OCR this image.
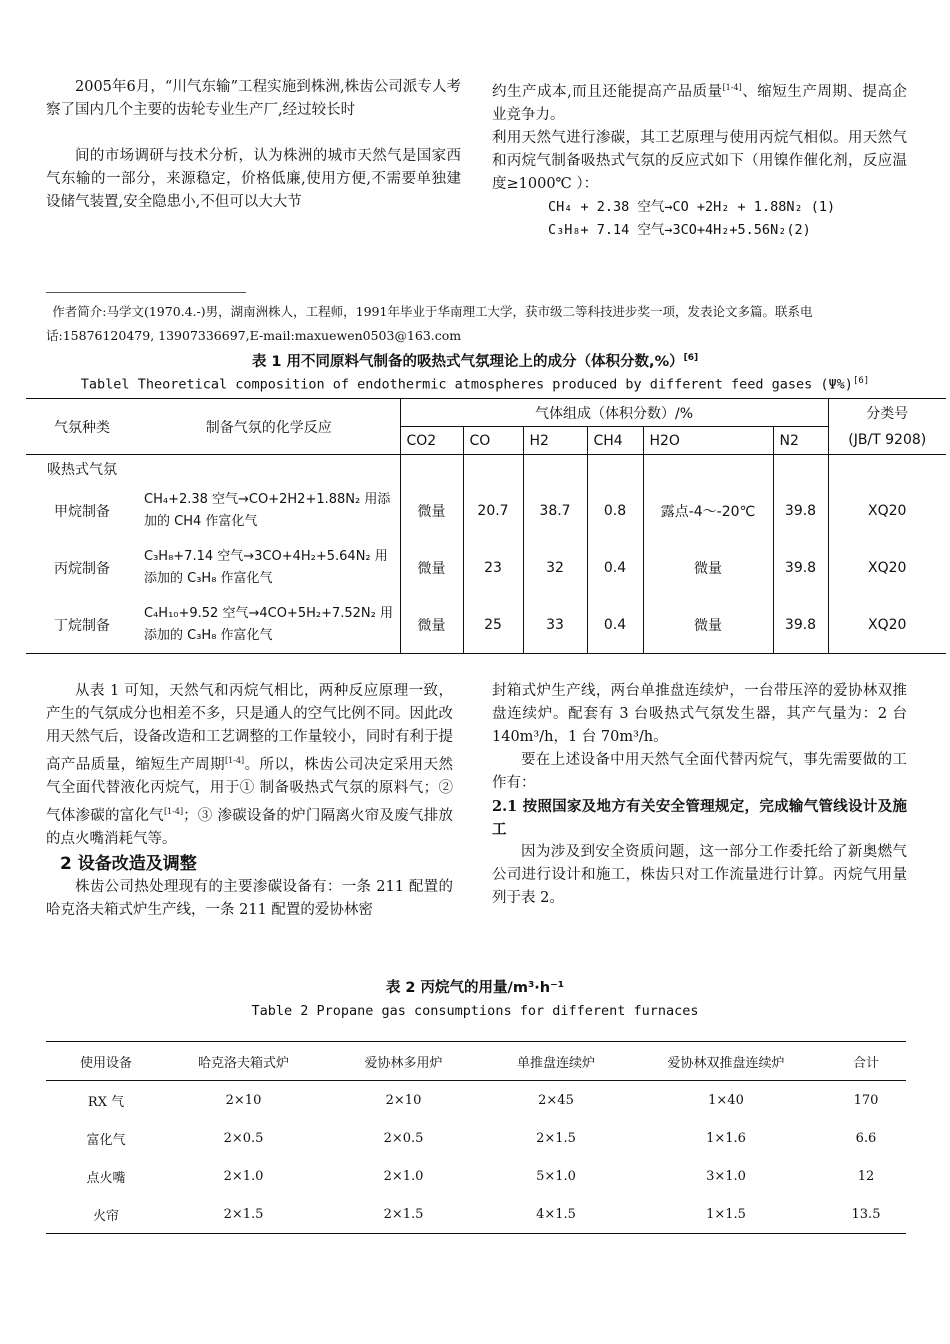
2005年6月，“川气东输”工程实施到株洲,株齿公司派专人考察了国内几个主要的齿轮专业生产厂,经过较长时

间的市场调研与技术分析，认为株洲的城市天然气是国家西气东输的一部分，来源稳定，价格低廉,使用方便,不需要单独建设储气装置,安全隐患小,不但可以大大节

约生产成本,而且还能提高产品质量[1-4]、缩短生产周期、提高企业竞争力。

利用天然气进行渗碳，其工艺原理与使用丙烷气相似。用天然气和丙烷气制备吸热式气氛的反应式如下（用镍作催化剂，反应温度≥1000℃ ）：

CH₄ + 2.38 空气→CO +2H₂ + 1.88N₂ (1)

C₃H₈+ 7.14 空气→3CO+4H₂+5.56N₂(2)

作者简介:马学文(1970.4.-)男，湖南洲株人，工程师，1991年毕业于华南理工大学，获市级二等科技进步奖一项，发表论文多篇。联系电话:15876120479, 13907336697,E-mail:maxuewen0503@163.com
表 1 用不同原料气制备的吸热式气氛理论上的成分（体积分数,%）[6]
Tablel Theoretical composition of endothermic atmospheres produced by different feed gases (Ψ%)[6]
气氛种类	制备气氛的化学反应	气体组成（体积分数）/%						分类号
		CO2	CO	H2	CH4	H2O	N2	(JB/T 9208)
吸热式气氛								
甲烷制备	CH₄+2.38 空气→CO+2H2+1.88N₂ 用添加的 CH4 作富化气	微量	20.7	38.7	0.8	露点-4～-20℃	39.8	XQ20
丙烷制备	C₃H₈+7.14 空气→3CO+4H₂+5.64N₂ 用添加的 C₃H₈ 作富化气	微量	23	32	0.4	微量	39.8	XQ20
丁烷制备	C₄H₁₀+9.52 空气→4CO+5H₂+7.52N₂ 用添加的 C₃H₈ 作富化气	微量	25	33	0.4	微量	39.8	XQ20

从表 1 可知，天然气和丙烷气相比，两种反应原理一致，产生的气氛成分也相差不多，只是通人的空气比例不同。因此改用天然气后，设备改造和工艺调整的工作量较小，同时有利于提高产品质量，缩短生产周期[1-4]。所以，株齿公司决定采用天然气全面代替液化丙烷气，用于① 制备吸热式气氛的原料气；② 气体渗碳的富化气[1-4]；③ 渗碳设备的炉门隔离火帘及废气排放的点火嘴消耗气等。

2 设备改造及调整

株齿公司热处理现有的主要渗碳设备有：一条 211 配置的哈克洛夫箱式炉生产线，一条 211 配置的爱协林密

封箱式炉生产线，两台单推盘连续炉，一台带压淬的爱协林双推盘连续炉。配套有 3 台吸热式气氛发生器，其产气量为：2 台 140m³/h，1 台 70m³/h。

要在上述设备中用天然气全面代替丙烷气，事先需要做的工作有：

2.1 按照国家及地方有关安全管理规定，完成输气管线设计及施工

因为涉及到安全资质问题，这一部分工作委托给了新奥燃气公司进行设计和施工，株齿只对工作流量进行计算。丙烷气用量列于表 2。

表 2 丙烷气的用量/m³·h⁻¹
Table 2 Propane gas consumptions for different furnaces
使用设备	哈克洛夫箱式炉	爱协林多用炉	单推盘连续炉	爱协林双推盘连续炉	合计
RX 气	2×10	2×10	2×45	1×40	170
富化气	2×0.5	2×0.5	2×1.5	1×1.6	6.6
点火嘴	2×1.0	2×1.0	5×1.0	3×1.0	12
火帘	2×1.5	2×1.5	4×1.5	1×1.5	13.5
